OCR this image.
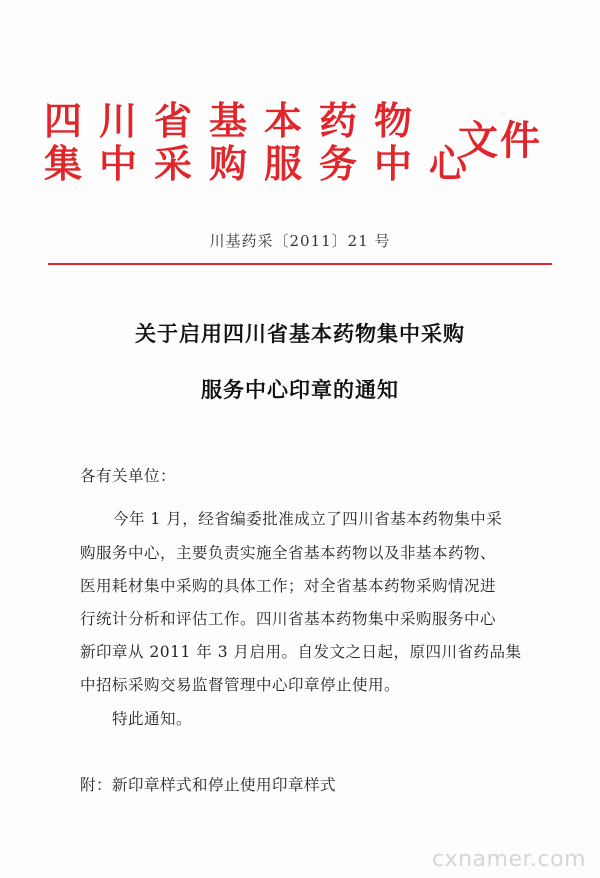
四川省基本药物
集中采购服务中心
文件
川基药采〔2011〕21 号
关于启用四川省基本药物集中采购
服务中心印章的通知
各有关单位：
今年 1 月，经省编委批准成立了四川省基本药物集中采
购服务中心，主要负责实施全省基本药物以及非基本药物、
医用耗材集中采购的具体工作；对全省基本药物采购情况进
行统计分析和评估工作。四川省基本药物集中采购服务中心
新印章从 2011 年 3 月启用。自发文之日起，原四川省药品集
中招标采购交易监督管理中心印章停止使用。
特此通知。
附：新印章样式和停止使用印章样式
cxnamer.com
